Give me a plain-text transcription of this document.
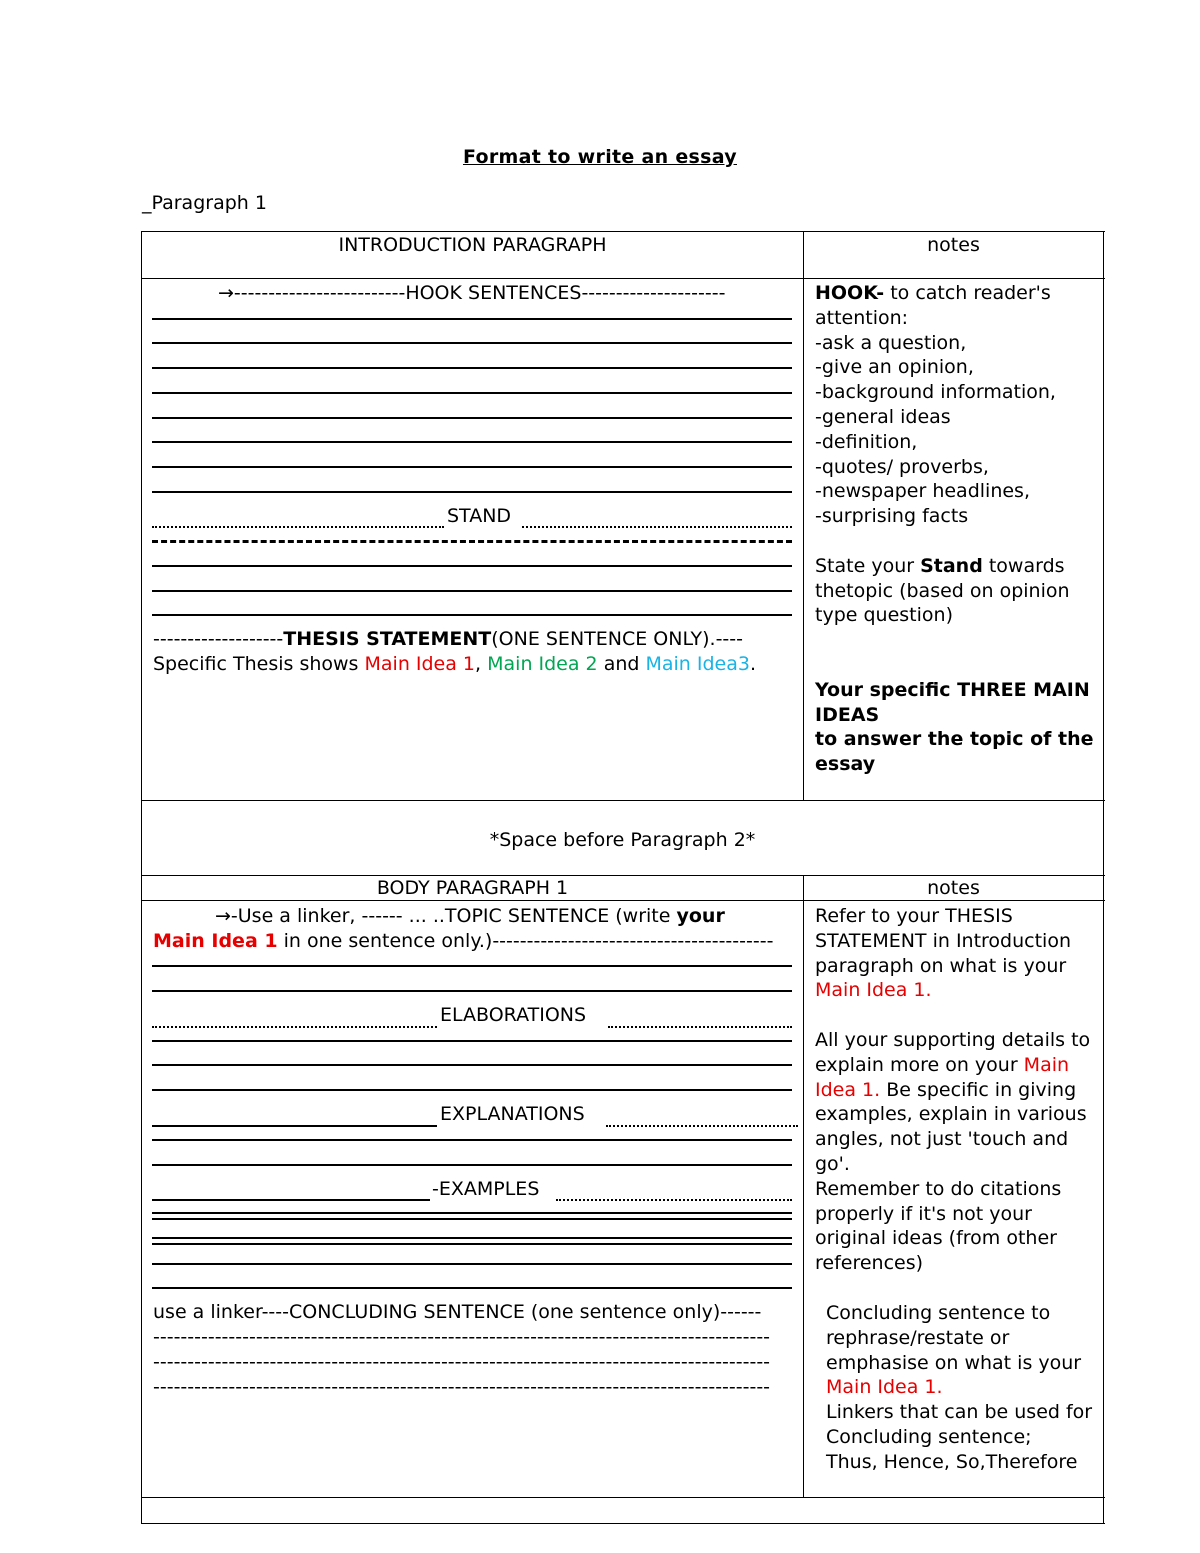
Format to write an essay
_Paragraph 1
INTRODUCTION PARAGRAPH	notes
→-------------------------HOOK SENTENCES---------------------
STAND
-------------------THESIS STATEMENT(ONE SENTENCE ONLY).----
Specific Thesis shows Main Idea 1, Main Idea 2 and Main Idea3.
HOOK- to catch reader's
attention:
-ask a question,
-give an opinion,
-background information,
-general ideas
-definition,
-quotes/ proverbs,
-newspaper headlines,
-surprising facts

State your Stand towards
thetopic (based on opinion
type question)

Your specific THREE MAIN
IDEAS
to answer the topic of the
essay
*Space before Paragraph 2*
BODY PARAGRAPH 1	notes
→-Use a linker, ------ ... ..TOPIC SENTENCE (write your
Main Idea 1 in one sentence only.)-----------------------------------------
ELABORATIONS
EXPLANATIONS
-EXAMPLES
use a linker----CONCLUDING SENTENCE (one sentence only)------
------------------------------------------------------------------------------------------
------------------------------------------------------------------------------------------
------------------------------------------------------------------------------------------
Refer to your THESIS
STATEMENT in Introduction
paragraph on what is your
Main Idea 1.

All your supporting details to
explain more on your Main
Idea 1. Be specific in giving
examples, explain in various
angles, not just 'touch and
go'.
Remember to do citations
properly if it's not your
original ideas (from other
references)
Concluding sentence to
rephrase/restate or
emphasise on what is your
Main Idea 1.
Linkers that can be used for
Concluding sentence;
Thus, Hence, So,Therefore
